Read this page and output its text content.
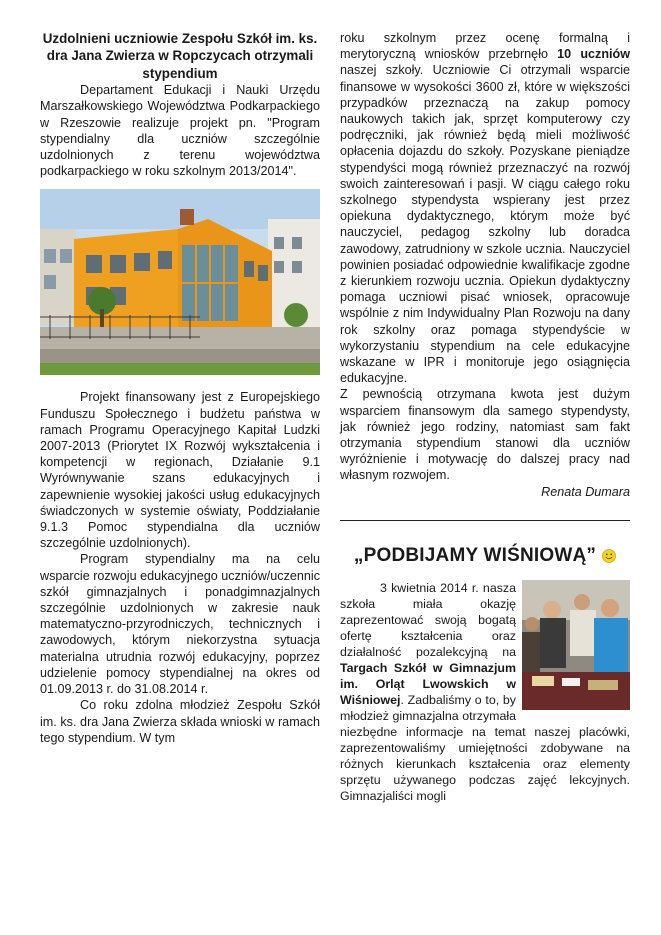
Uzdolnieni uczniowie Zespołu Szkół im. ks. dra Jana Zwierza w Ropczycach otrzymali stypendium

Departament Edukacji i Nauki Urzędu Marszałkowskiego Województwa Podkarpackiego w Rzeszowie realizuje projekt pn. "Program stypendialny dla uczniów szczególnie uzdolnionych z terenu województwa podkarpackiego w roku szkolnym 2013/2014".

Projekt finansowany jest z Europejskiego Funduszu Społecznego i budżetu państwa w ramach Programu Operacyjnego Kapitał Ludzki 2007-2013 (Priorytet IX Rozwój wykształcenia i kompetencji w regionach, Działanie 9.1 Wyrównywanie szans edukacyjnych i zapewnienie wysokiej jakości usług edukacyjnych świadczonych w systemie oświaty, Poddziałanie 9.1.3 Pomoc stypendialna dla uczniów szczególnie uzdolnionych).

Program stypendialny ma na celu wsparcie rozwoju edukacyjnego uczniów/uczennic szkół gimnazjalnych i ponadgimnazjalnych szczególnie uzdolnionych w zakresie nauk matematyczno-przyrodniczych, technicznych i zawodowych, którym niekorzystna sytuacja materialna utrudnia rozwój edukacyjny, poprzez udzielenie pomocy stypendialnej na okres od 01.09.2013 r. do 31.08.2014 r.

Co roku zdolna młodzież Zespołu Szkół im. ks. dra Jana Zwierza składa wnioski w ramach tego stypendium. W tym

roku szkolnym przez ocenę formalną i merytoryczną wniosków przebrnęło 10 uczniów naszej szkoły. Uczniowie Ci otrzymali wsparcie finansowe w wysokości 3600 zł, które w większości przypadków przeznaczą na zakup pomocy naukowych takich jak, sprzęt komputerowy czy podręczniki, jak również będą mieli możliwość opłacenia dojazdu do szkoły. Pozyskane pieniądze stypendyści mogą również przeznaczyć na rozwój swoich zainteresowań i pasji. W ciągu całego roku szkolnego stypendysta wspierany jest przez opiekuna dydaktycznego, którym może być nauczyciel, pedagog szkolny lub doradca zawodowy, zatrudniony w szkole ucznia. Nauczyciel powinien posiadać odpowiednie kwalifikacje zgodne z kierunkiem rozwoju ucznia. Opiekun dydaktyczny pomaga uczniowi pisać wniosek, opracowuje wspólnie z nim Indywidualny Plan Rozwoju na dany rok szkolny oraz pomaga stypendyście w wykorzystaniu stypendium na cele edukacyjne wskazane w IPR i monitoruje jego osiągnięcia edukacyjne.

Z pewnością otrzymana kwota jest dużym wsparciem finansowym dla samego stypendysty, jak również jego rodziny, natomiast sam fakt otrzymania stypendium stanowi dla uczniów wyróżnienie i motywację do dalszej pracy nad własnym rozwojem.

Renata Dumara

„PODBIJAMY WIŚNIOWĄ”

3 kwietnia 2014 r. nasza szkoła miała okazję zaprezentować swoją bogatą ofertę kształcenia oraz działalność pozalekcyjną na Targach Szkół w Gimnazjum im. Orląt Lwowskich w Wiśniowej. Zadbaliśmy o to, by młodzież gimnazjalna otrzymała niezbędne informacje na temat naszej placówki, zaprezentowaliśmy umiejętności zdobywane na różnych kierunkach kształcenia oraz elementy sprzętu używanego podczas zajęć lekcyjnych. Gimnazjaliści mogli
